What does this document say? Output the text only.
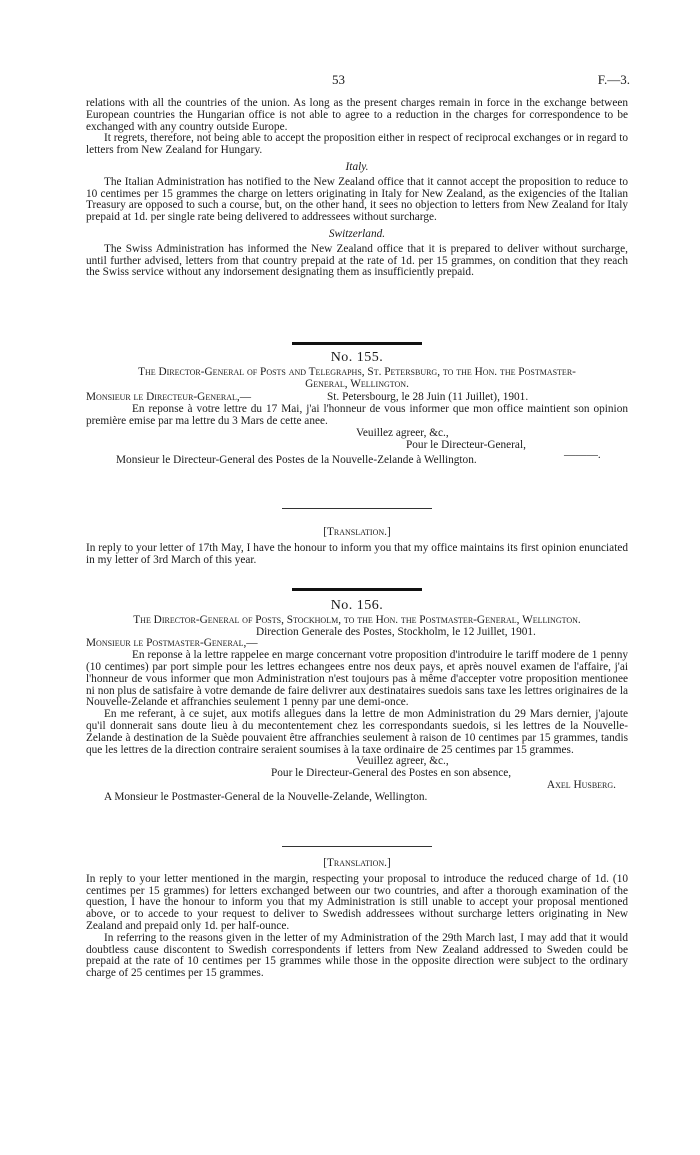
53	F.—3.

relations with all the countries of the union. As long as the present charges remain in force in the exchange between European countries the Hungarian office is not able to agree to a reduction in the charges for correspondence to be exchanged with any country outside Europe.

It regrets, therefore, not being able to accept the proposition either in respect of reciprocal exchanges or in regard to letters from New Zealand for Hungary.

Italy.

The Italian Administration has notified to the New Zealand office that it cannot accept the proposition to reduce to 10 centimes per 15 grammes the charge on letters originating in Italy for New Zealand, as the exigencies of the Italian Treasury are opposed to such a course, but, on the other hand, it sees no objection to letters from New Zealand for Italy prepaid at 1d. per single rate being delivered to addressees without surcharge.

Switzerland.

The Swiss Administration has informed the New Zealand office that it is prepared to deliver without surcharge, until further advised, letters from that country prepaid at the rate of 1d. per 15 grammes, on condition that they reach the Swiss service without any indorsement designating them as insufficiently prepaid.

No. 155.

The Director-General of Posts and Telegraphs, St. Petersburg, to the Hon. the Postmaster-

General, Wellington.

Monsieur le Directeur-General,—	St. Petersbourg, le 28 Juin (11 Juillet), 1901.

En reponse à votre lettre du 17 Mai, j'ai l'honneur de vous informer que mon office maintient son opinion première emise par ma lettre du 3 Mars de cette anee.

Veuillez agreer, &c.,

Pour le Directeur-General,

Monsieur le Directeur-General des Postes de la Nouvelle-Zelande à Wellington.	———.

[Translation.]

In reply to your letter of 17th May, I have the honour to inform you that my office maintains its first opinion enunciated in my letter of 3rd March of this year.

No. 156.

The Director-General of Posts, Stockholm, to the Hon. the Postmaster-General, Wellington.

Direction Generale des Postes, Stockholm, le 12 Juillet, 1901.

Monsieur le Postmaster-General,—

En reponse à la lettre rappelee en marge concernant votre proposition d'introduire le tariff modere de 1 penny (10 centimes) par port simple pour les lettres echangees entre nos deux pays, et après nouvel examen de l'affaire, j'ai l'honneur de vous informer que mon Administration n'est toujours pas à même d'accepter votre proposition mentionee ni non plus de satisfaire à votre demande de faire delivrer aux destinataires suedois sans taxe les lettres originaires de la Nouvelle-Zelande et affranchies seulement 1 penny par une demi-once.

En me referant, à ce sujet, aux motifs allegues dans la lettre de mon Administration du 29 Mars dernier, j'ajoute qu'il donnerait sans doute lieu à du mecontentement chez les correspondants suedois, si les lettres de la Nouvelle-Zelande à destination de la Suède pouvaient être affranchies seulement à raison de 10 centimes par 15 grammes, tandis que les lettres de la direction contraire seraient soumises à la taxe ordinaire de 25 centimes par 15 grammes.

Veuillez agreer, &c.,

Pour le Directeur-General des Postes en son absence,

Axel Husberg.

A Monsieur le Postmaster-General de la Nouvelle-Zelande, Wellington.

[Translation.]

In reply to your letter mentioned in the margin, respecting your proposal to introduce the reduced charge of 1d. (10 centimes per 15 grammes) for letters exchanged between our two countries, and after a thorough examination of the question, I have the honour to inform you that my Administration is still unable to accept your proposal mentioned above, or to accede to your request to deliver to Swedish addressees without surcharge letters originating in New Zealand and prepaid only 1d. per half-ounce.

In referring to the reasons given in the letter of my Administration of the 29th March last, I may add that it would doubtless cause discontent to Swedish correspondents if letters from New Zealand addressed to Sweden could be prepaid at the rate of 10 centimes per 15 grammes while those in the opposite direction were subject to the ordinary charge of 25 centimes per 15 grammes.
